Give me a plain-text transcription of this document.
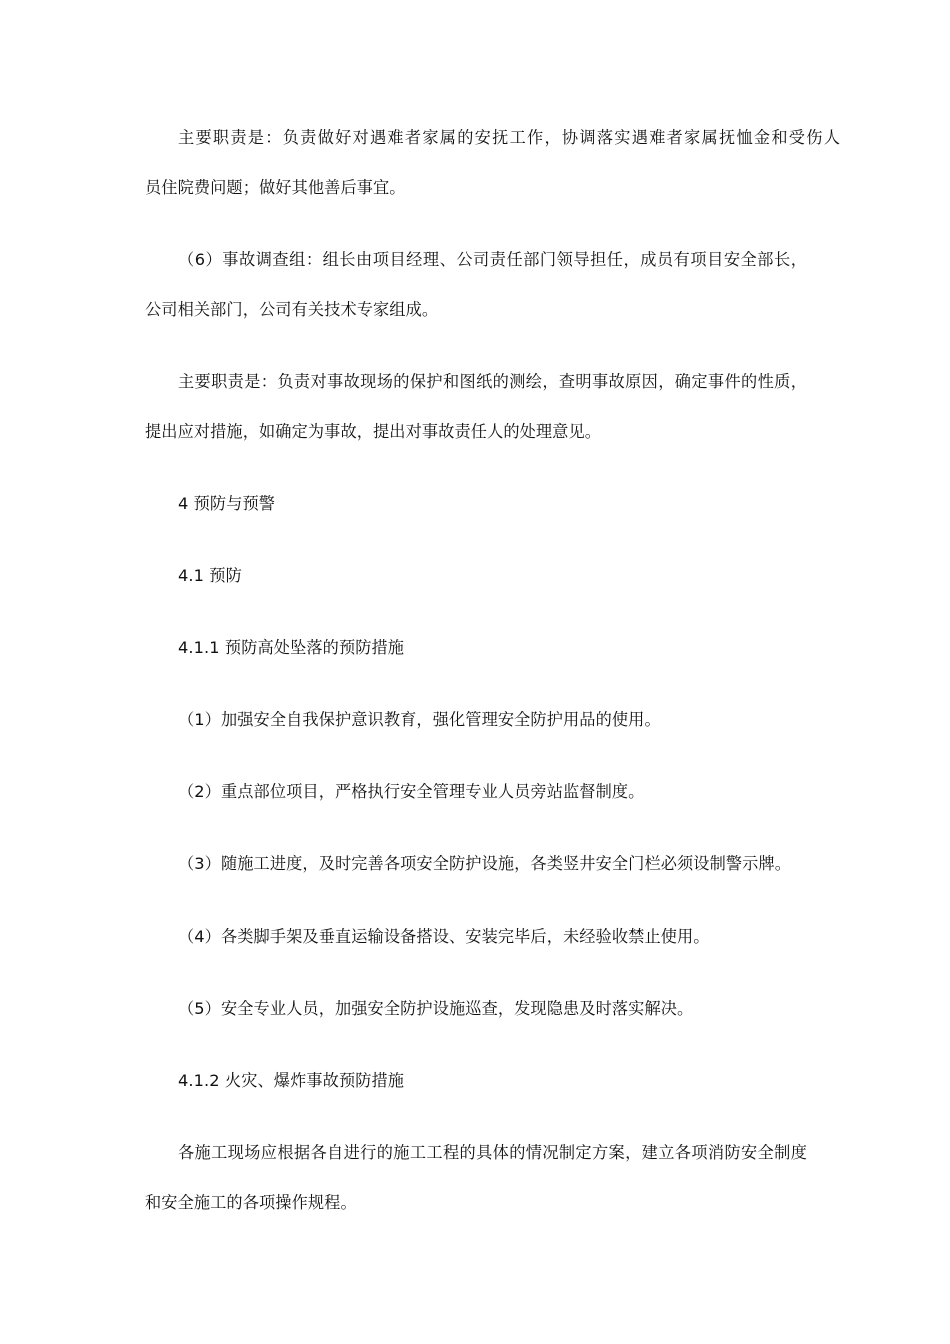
主要职责是：负责做好对遇难者家属的安抚工作，协调落实遇难者家属抚恤金和受伤人
员住院费问题；做好其他善后事宜。
（6）事故调查组：组长由项目经理、公司责任部门领导担任，成员有项目安全部长，
公司相关部门，公司有关技术专家组成。
主要职责是：负责对事故现场的保护和图纸的测绘，查明事故原因，确定事件的性质，
提出应对措施，如确定为事故，提出对事故责任人的处理意见。
4 预防与预警
4.1 预防
4.1.1 预防高处坠落的预防措施
（1）加强安全自我保护意识教育，强化管理安全防护用品的使用。
（2）重点部位项目，严格执行安全管理专业人员旁站监督制度。
（3）随施工进度，及时完善各项安全防护设施，各类竖井安全门栏必须设制警示牌。
（4）各类脚手架及垂直运输设备搭设、安装完毕后，未经验收禁止使用。
（5）安全专业人员，加强安全防护设施巡查，发现隐患及时落实解决。
4.1.2 火灾、爆炸事故预防措施
各施工现场应根据各自进行的施工工程的具体的情况制定方案，建立各项消防安全制度
和安全施工的各项操作规程。
